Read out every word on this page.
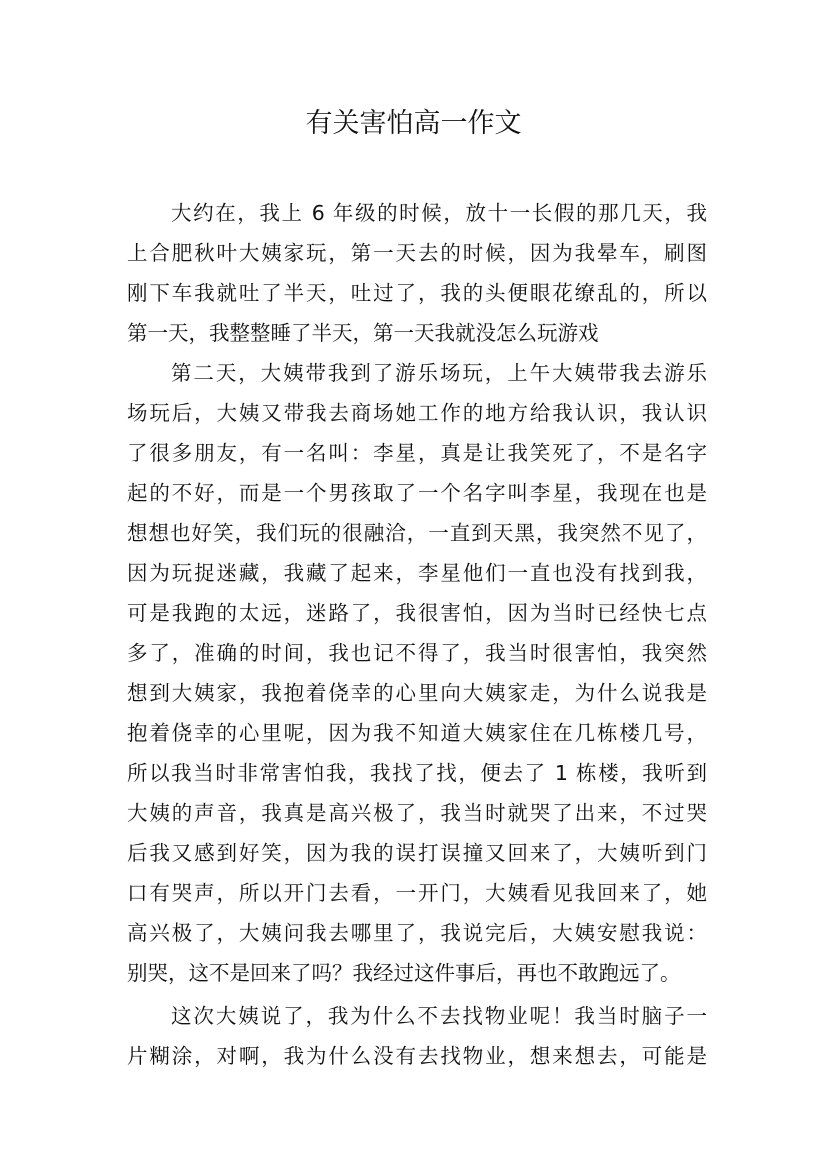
有关害怕高一作文
大约在，我上 6 年级的时候，放十一长假的那几天，我
上合肥秋叶大姨家玩，第一天去的时候，因为我晕车，刷图
刚下车我就吐了半天，吐过了，我的头便眼花缭乱的，所以
第一天，我整整睡了半天，第一天我就没怎么玩游戏
第二天，大姨带我到了游乐场玩，上午大姨带我去游乐
场玩后，大姨又带我去商场她工作的地方给我认识，我认识
了很多朋友，有一名叫：李星，真是让我笑死了，不是名字
起的不好，而是一个男孩取了一个名字叫李星，我现在也是
想想也好笑，我们玩的很融洽，一直到天黑，我突然不见了，
因为玩捉迷藏，我藏了起来，李星他们一直也没有找到我，
可是我跑的太远，迷路了，我很害怕，因为当时已经快七点
多了，准确的时间，我也记不得了，我当时很害怕，我突然
想到大姨家，我抱着侥幸的心里向大姨家走，为什么说我是
抱着侥幸的心里呢，因为我不知道大姨家住在几栋楼几号，
所以我当时非常害怕我，我找了找，便去了 1 栋楼，我听到
大姨的声音，我真是高兴极了，我当时就哭了出来，不过哭
后我又感到好笑，因为我的误打误撞又回来了，大姨听到门
口有哭声，所以开门去看，一开门，大姨看见我回来了，她
高兴极了，大姨问我去哪里了，我说完后，大姨安慰我说：
别哭，这不是回来了吗？我经过这件事后，再也不敢跑远了。
这次大姨说了，我为什么不去找物业呢！我当时脑子一
片糊涂，对啊，我为什么没有去找物业，想来想去，可能是
